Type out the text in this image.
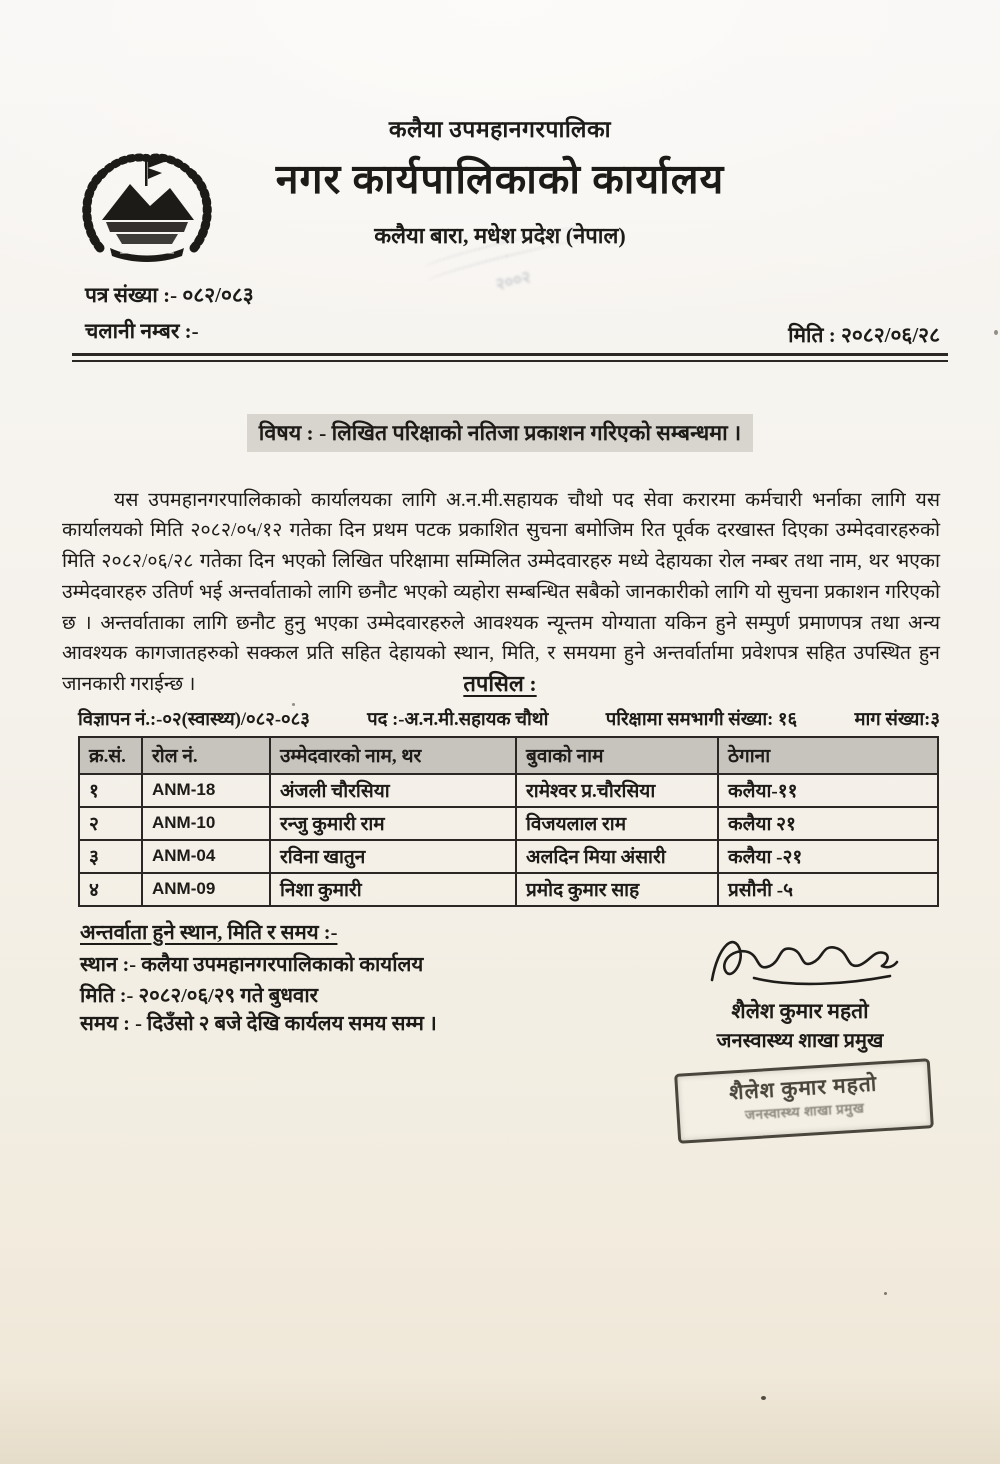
कलैया उपमहानगरपालिका
नगर कार्यपालिकाको कार्यालय
कलैया बारा, मधेश प्रदेश (नेपाल)
२००२
पत्र संख्या :- ०८२/०८३
चलानी नम्बर :-	मिति : २०८२/०६/२८
विषय : - लिखित परिक्षाको नतिजा प्रकाशन गरिएको सम्बन्धमा ।

यस उपमहानगरपालिकाको कार्यालयका लागि अ.न.मी.सहायक चौथो पद सेवा करारमा कर्मचारी भर्नाका लागि यस कार्यालयको मिति २०८२/०५/१२ गतेका दिन प्रथम पटक प्रकाशित सुचना बमोजिम रित पूर्वक दरखास्त दिएका उम्मेदवारहरुको मिति २०८२/०६/२८ गतेका दिन भएको लिखित परिक्षामा सम्मिलित उम्मेदवारहरु मध्ये देहायका रोल नम्बर तथा नाम, थर भएका उम्मेदवारहरु उतिर्ण भई अन्तर्वाताको लागि छनौट भएको व्यहोरा सम्बन्धित सबैको जानकारीको लागि यो सुचना प्रकाशन गरिएको छ । अन्तर्वाताका लागि छनौट हुनु भएका उम्मेदवारहरुले आवश्यक न्यून्तम योग्याता यकिन हुने सम्पुर्ण प्रमाणपत्र तथा अन्य आवश्यक कागजातहरुको सक्कल प्रति सहित देहायको स्थान, मिति, र समयमा हुने अन्तर्वार्तामा प्रवेशपत्र सहित उपस्थित हुन जानकारी गराईन्छ ।	तपसिल :
विज्ञापन नं.:-०२(स्वास्थ्य)/०८२-०८३	पद :-अ.न.मी.सहायक चौथो	परिक्षामा समभागी संख्या: १६	माग संख्या:३
क्र.सं.	रोल नं.	उम्मेदवारको नाम, थर	बुवाको नाम	ठेगाना
१	ANM-18	अंजली चौरसिया	रामेश्वर प्र.चौरसिया	कलैया-११
२	ANM-10	रन्जु कुमारी राम	विजयलाल राम	कलैया २१
३	ANM-04	रविना खातुन	अलदिन मिया अंसारी	कलैया -२१
४	ANM-09	निशा कुमारी	प्रमोद कुमार साह	प्रसौनी -५
अन्तर्वाता हुने स्थान, मिति र समय :-
स्थान :- कलैया उपमहानगरपालिकाको कार्यालय
मिति :- २०८२/०६/२९ गते बुधवार
समय : - दिउँसो २ बजे देखि कार्यलय समय सम्म ।
शैलेश कुमार महतो
जनस्वास्थ्य शाखा प्रमुख
शैलेश कुमार महतो
जनस्वास्थ्य शाखा प्रमुख
